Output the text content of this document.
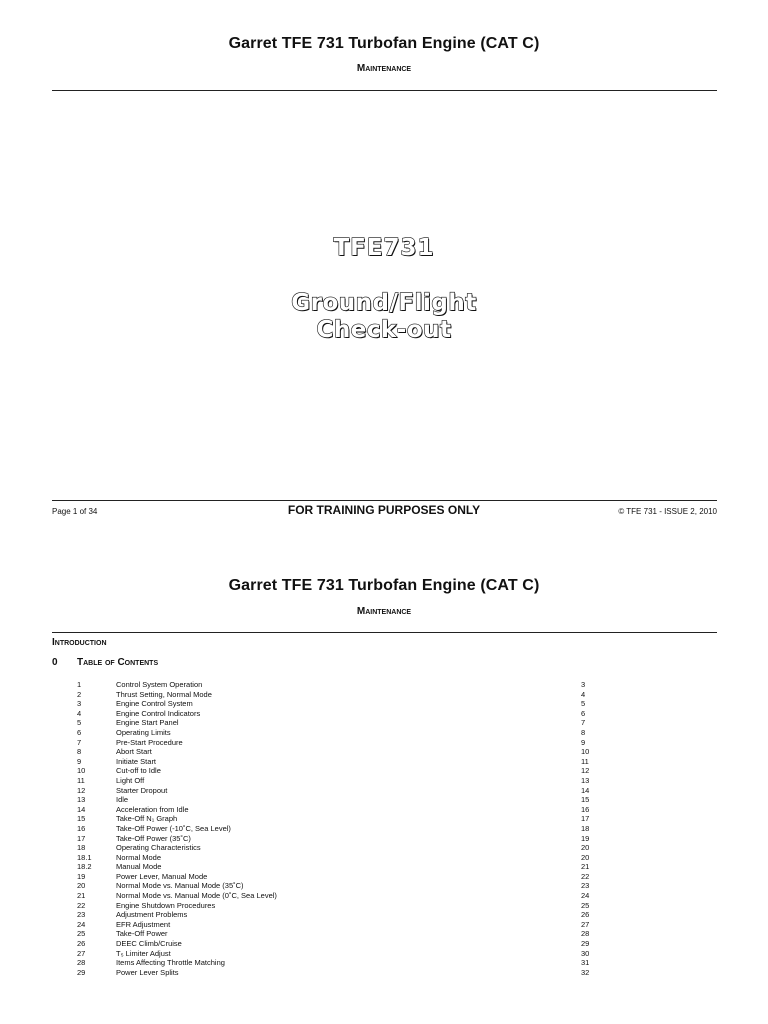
Garret TFE 731 Turbofan Engine (CAT C)
Maintenance
TFE731
Ground/Flight
Check-out
Page 1 of 34	FOR TRAINING PURPOSES ONLY	© TFE 731 - ISSUE 2, 2010
Garret TFE 731 Turbofan Engine (CAT C)
Maintenance
Introduction
0 Table of Contents
1	Control System Operation	3
2	Thrust Setting, Normal Mode	4
3	Engine Control System	5
4	Engine Control Indicators	6
5	Engine Start Panel	7
6	Operating Limits	8
7	Pre-Start Procedure	9
8	Abort Start	10
9	Initiate Start	11
10	Cut-off to Idle	12
11	Light Off	13
12	Starter Dropout	14
13	Idle	15
14	Acceleration from Idle	16
15	Take-Off N₁ Graph	17
16	Take-Off Power (-10˚C, Sea Level)	18
17	Take-Off Power (35˚C)	19
18	Operating Characteristics	20
18.1	Normal Mode	20
18.2	Manual Mode	21
19	Power Lever, Manual Mode	22
20	Normal Mode vs. Manual Mode (35˚C)	23
21	Normal Mode vs. Manual Mode (0˚C, Sea Level)	24
22	Engine Shutdown Procedures	25
23	Adjustment Problems	26
24	EFR Adjustment	27
25	Take-Off Power	28
26	DEEC Climb/Cruise	29
27	T₅ Limiter Adjust	30
28	Items Affecting Throttle Matching	31
29	Power Lever Splits	32
